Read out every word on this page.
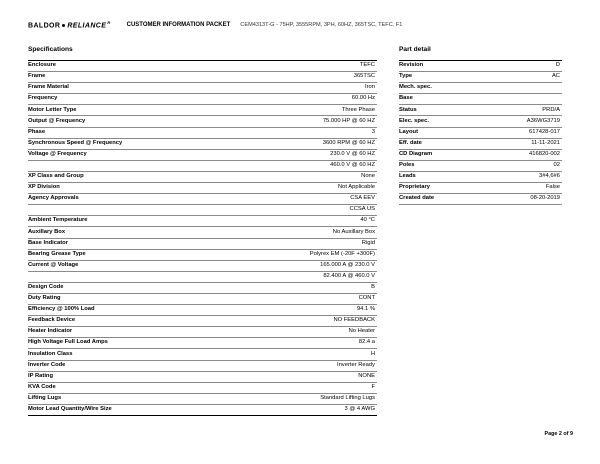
BALDOR $RELIANCE^R$	CUSTOMER INFORMATION PACKET CEM4313T-G - 75HP, 3555RPM, 3PH, 60HZ, 365TSC, TEFC, F1
Specifications	Part detail
Enclosure	TEFC
Frame	365TSC
Frame Material	Iron
Frequency	60.00 Hz
Motor Letter Type	Three Phase
Output @ Frequency	75.000 HP @ 60 HZ
Phase	3
Synchronous Speed @ Frequency	3600 RPM @ 60 HZ
Voltage @ Frequency	230.0 V @ 60 HZ
	460.0 V @ 60 HZ
XP Class and Group	None
XP Division	Not Applicable
Agency Approvals	CSA EEV
	CCSA US
Ambient Temperature	40 °C
Auxillary Box	No Auxillary Box
Base Indicator	Rigid
Bearing Grease Type	Polyrex EM (-20F +300F)
Current @ Voltage	165.000 A @ 230.0 V
	82.400 A @ 460.0 V
Design Code	B
Duty Rating	CONT
Efficiency @ 100% Load	94.1 %
Feedback Device	NO FEEDBACK
Heater Indicator	No Heater
High Voltage Full Load Amps	82.4 a
Insulation Class	H
Inverter Code	Inverter Ready
IP Rating	NONE
KVA Code	F
Lifting Lugs	Standard Lifting Lugs
Motor Lead Quantity/Wire Size	3 @ 4 AWG
Revision	D
Type	AC
Mech. spec.	
Base	
Status	PRD/A
Elec. spec.	A36WG3719
Layout	617428-017
Eff. date	11-11-2021
CD Diagram	416820-002
Poles	02
Leads	3#4,6#6
Proprietary	False
Created date	08-20-2019
Page 2 of 9
